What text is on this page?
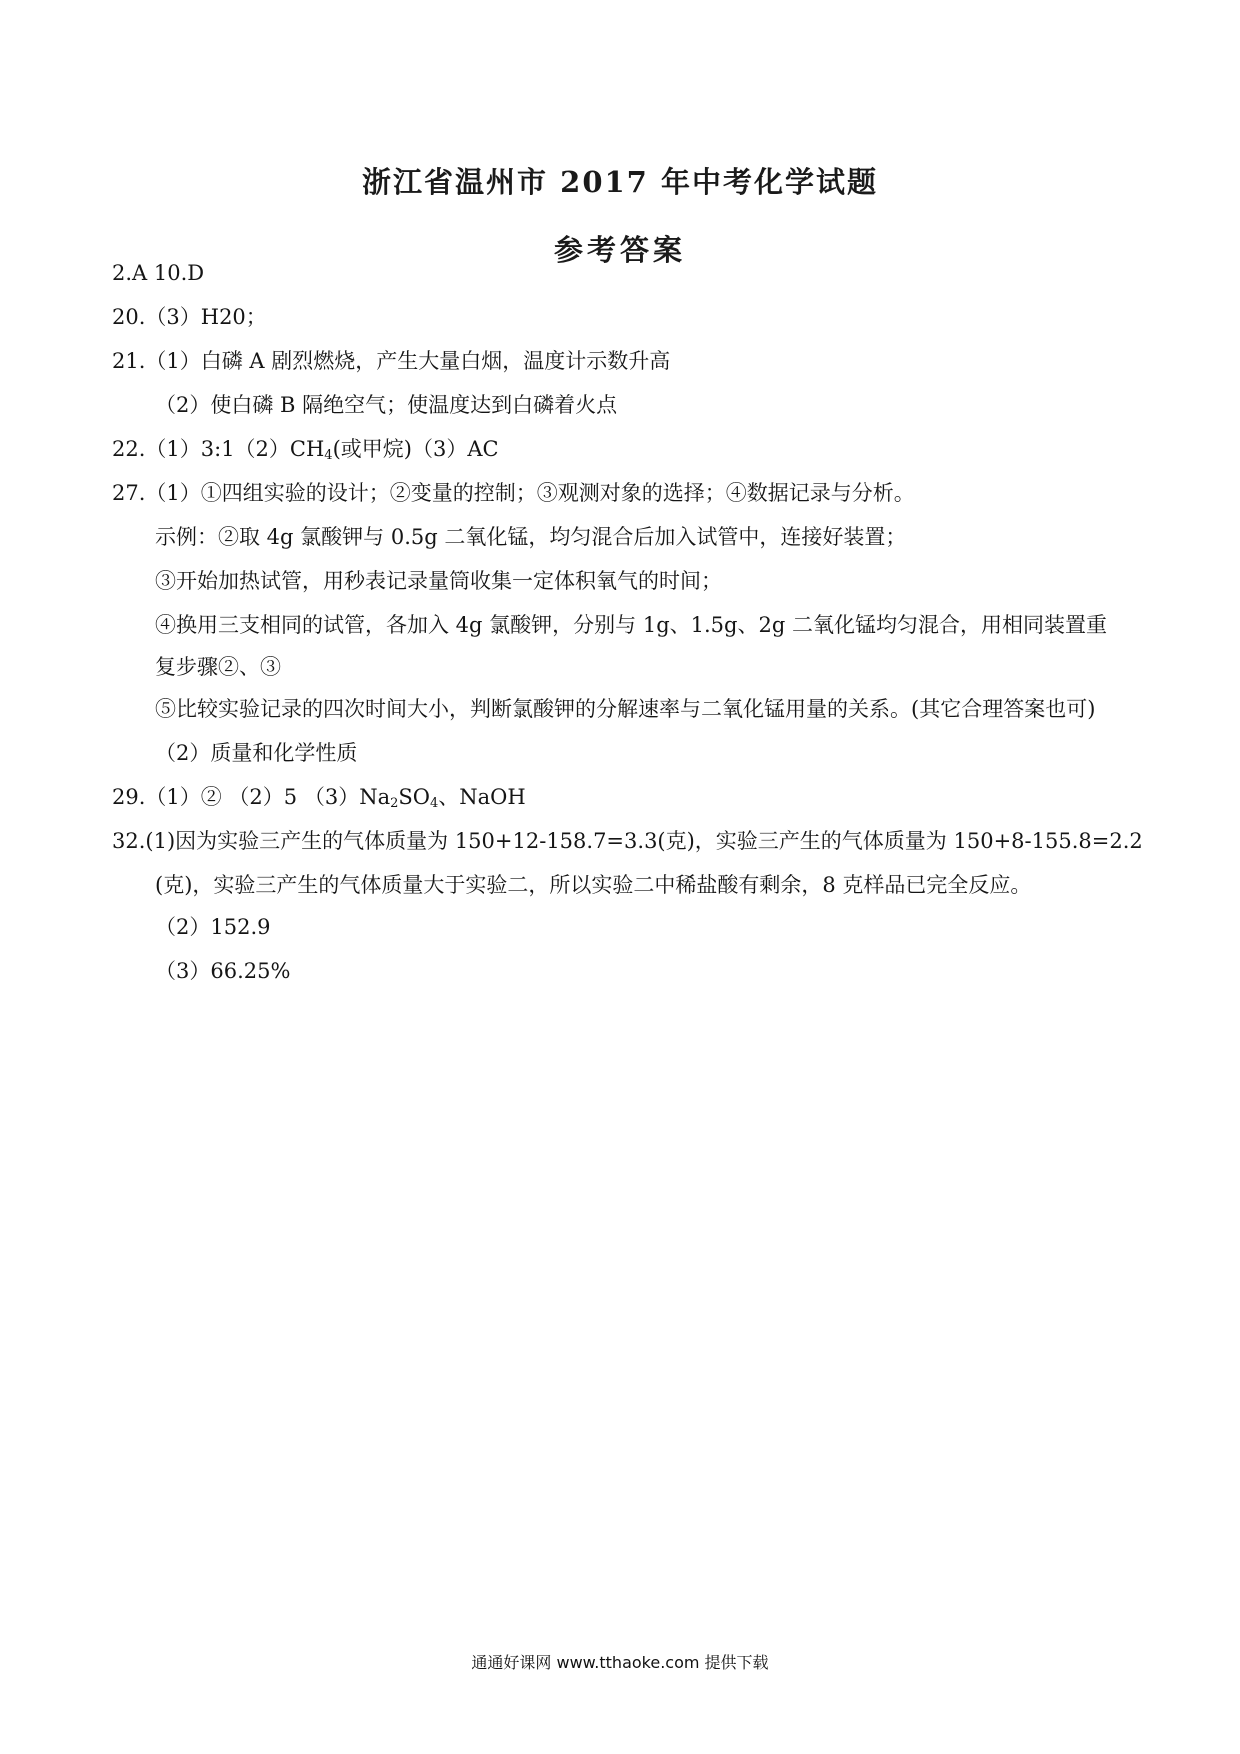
浙江省温州市 2017 年中考化学试题
参考答案
2.A 10.D
20.（3）H20；
21.（1）白磷 A 剧烈燃烧，产生大量白烟，温度计示数升高
（2）使白磷 B 隔绝空气；使温度达到白磷着火点
$22.(1)3:1(2)CH_4$(或甲烷)（3）AC
27.（1）①四组实验的设计；②变量的控制；③观测对象的选择；④数据记录与分析。
示例：②取 4g 氯酸钾与 0.5g 二氧化锰，均匀混合后加入试管中，连接好装置；
③开始加热试管，用秒表记录量筒收集一定体积氧气的时间；
④换用三支相同的试管，各加入 4g 氯酸钾，分别与 1g、1.5g、2g 二氧化锰均匀混合，用相同装置重
复步骤②、③
⑤比较实验记录的四次时间大小，判断氯酸钾的分解速率与二氧化锰用量的关系。(其它合理答案也可)
（2）质量和化学性质
29.（1）② （2）5 $(3)Na_2SO_4$、NaOH
32.(1)因为实验三产生的气体质量为 150+12-158.7=3.3(克)，实验三产生的气体质量为 150+8-155.8=2.2
(克)，实验三产生的气体质量大于实验二，所以实验二中稀盐酸有剩余，8 克样品已完全反应。
（2）152.9
（3）66.25%
通通好课网 www.tthaoke.com 提供下载
